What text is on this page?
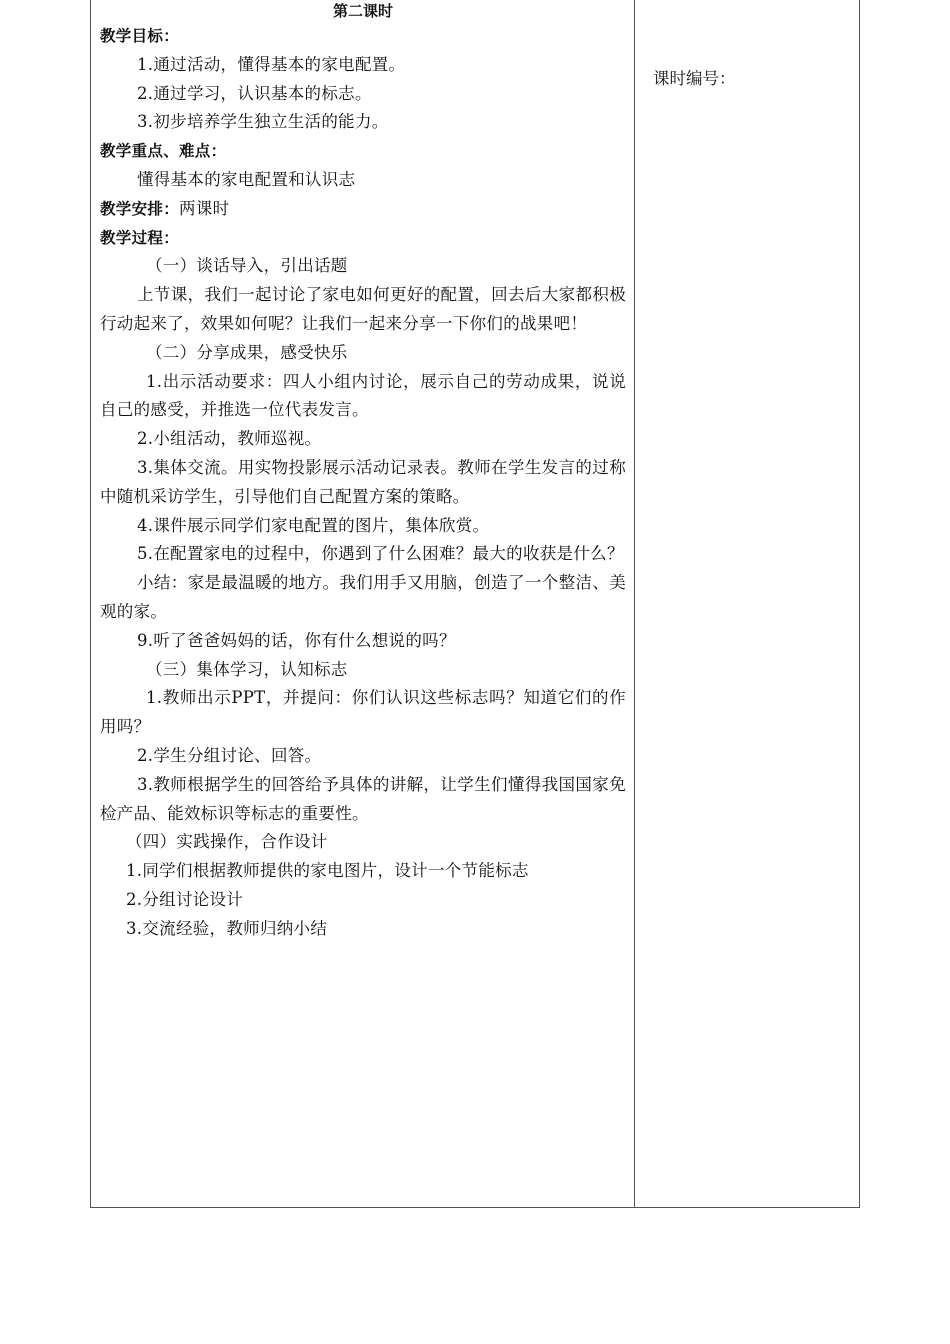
第二课时
教学目标：
1.通过活动，懂得基本的家电配置。
2.通过学习，认识基本的标志。
3.初步培养学生独立生活的能力。
教学重点、难点：
懂得基本的家电配置和认识志
教学安排：两课时
教学过程：
（一）谈话导入，引出话题
上节课，我们一起讨论了家电如何更好的配置，回去后大家都积极行动起来了，效果如何呢？让我们一起来分享一下你们的战果吧！
（二）分享成果，感受快乐
1.出示活动要求：四人小组内讨论，展示自己的劳动成果，说说自己的感受，并推选一位代表发言。
2.小组活动，教师巡视。
3.集体交流。用实物投影展示活动记录表。教师在学生发言的过称中随机采访学生，引导他们自己配置方案的策略。
4.课件展示同学们家电配置的图片，集体欣赏。
5.在配置家电的过程中，你遇到了什么困难？最大的收获是什么？
小结：家是最温暖的地方。我们用手又用脑，创造了一个整洁、美观的家。
9.听了爸爸妈妈的话，你有什么想说的吗？
（三）集体学习，认知标志
1.教师出示PPT，并提问：你们认识这些标志吗？知道它们的作用吗？
2.学生分组讨论、回答。
3.教师根据学生的回答给予具体的讲解，让学生们懂得我国国家免检产品、能效标识等标志的重要性。
（四）实践操作，合作设计
1.同学们根据教师提供的家电图片，设计一个节能标志
2.分组讨论设计
3.交流经验，教师归纳小结
课时编号：
